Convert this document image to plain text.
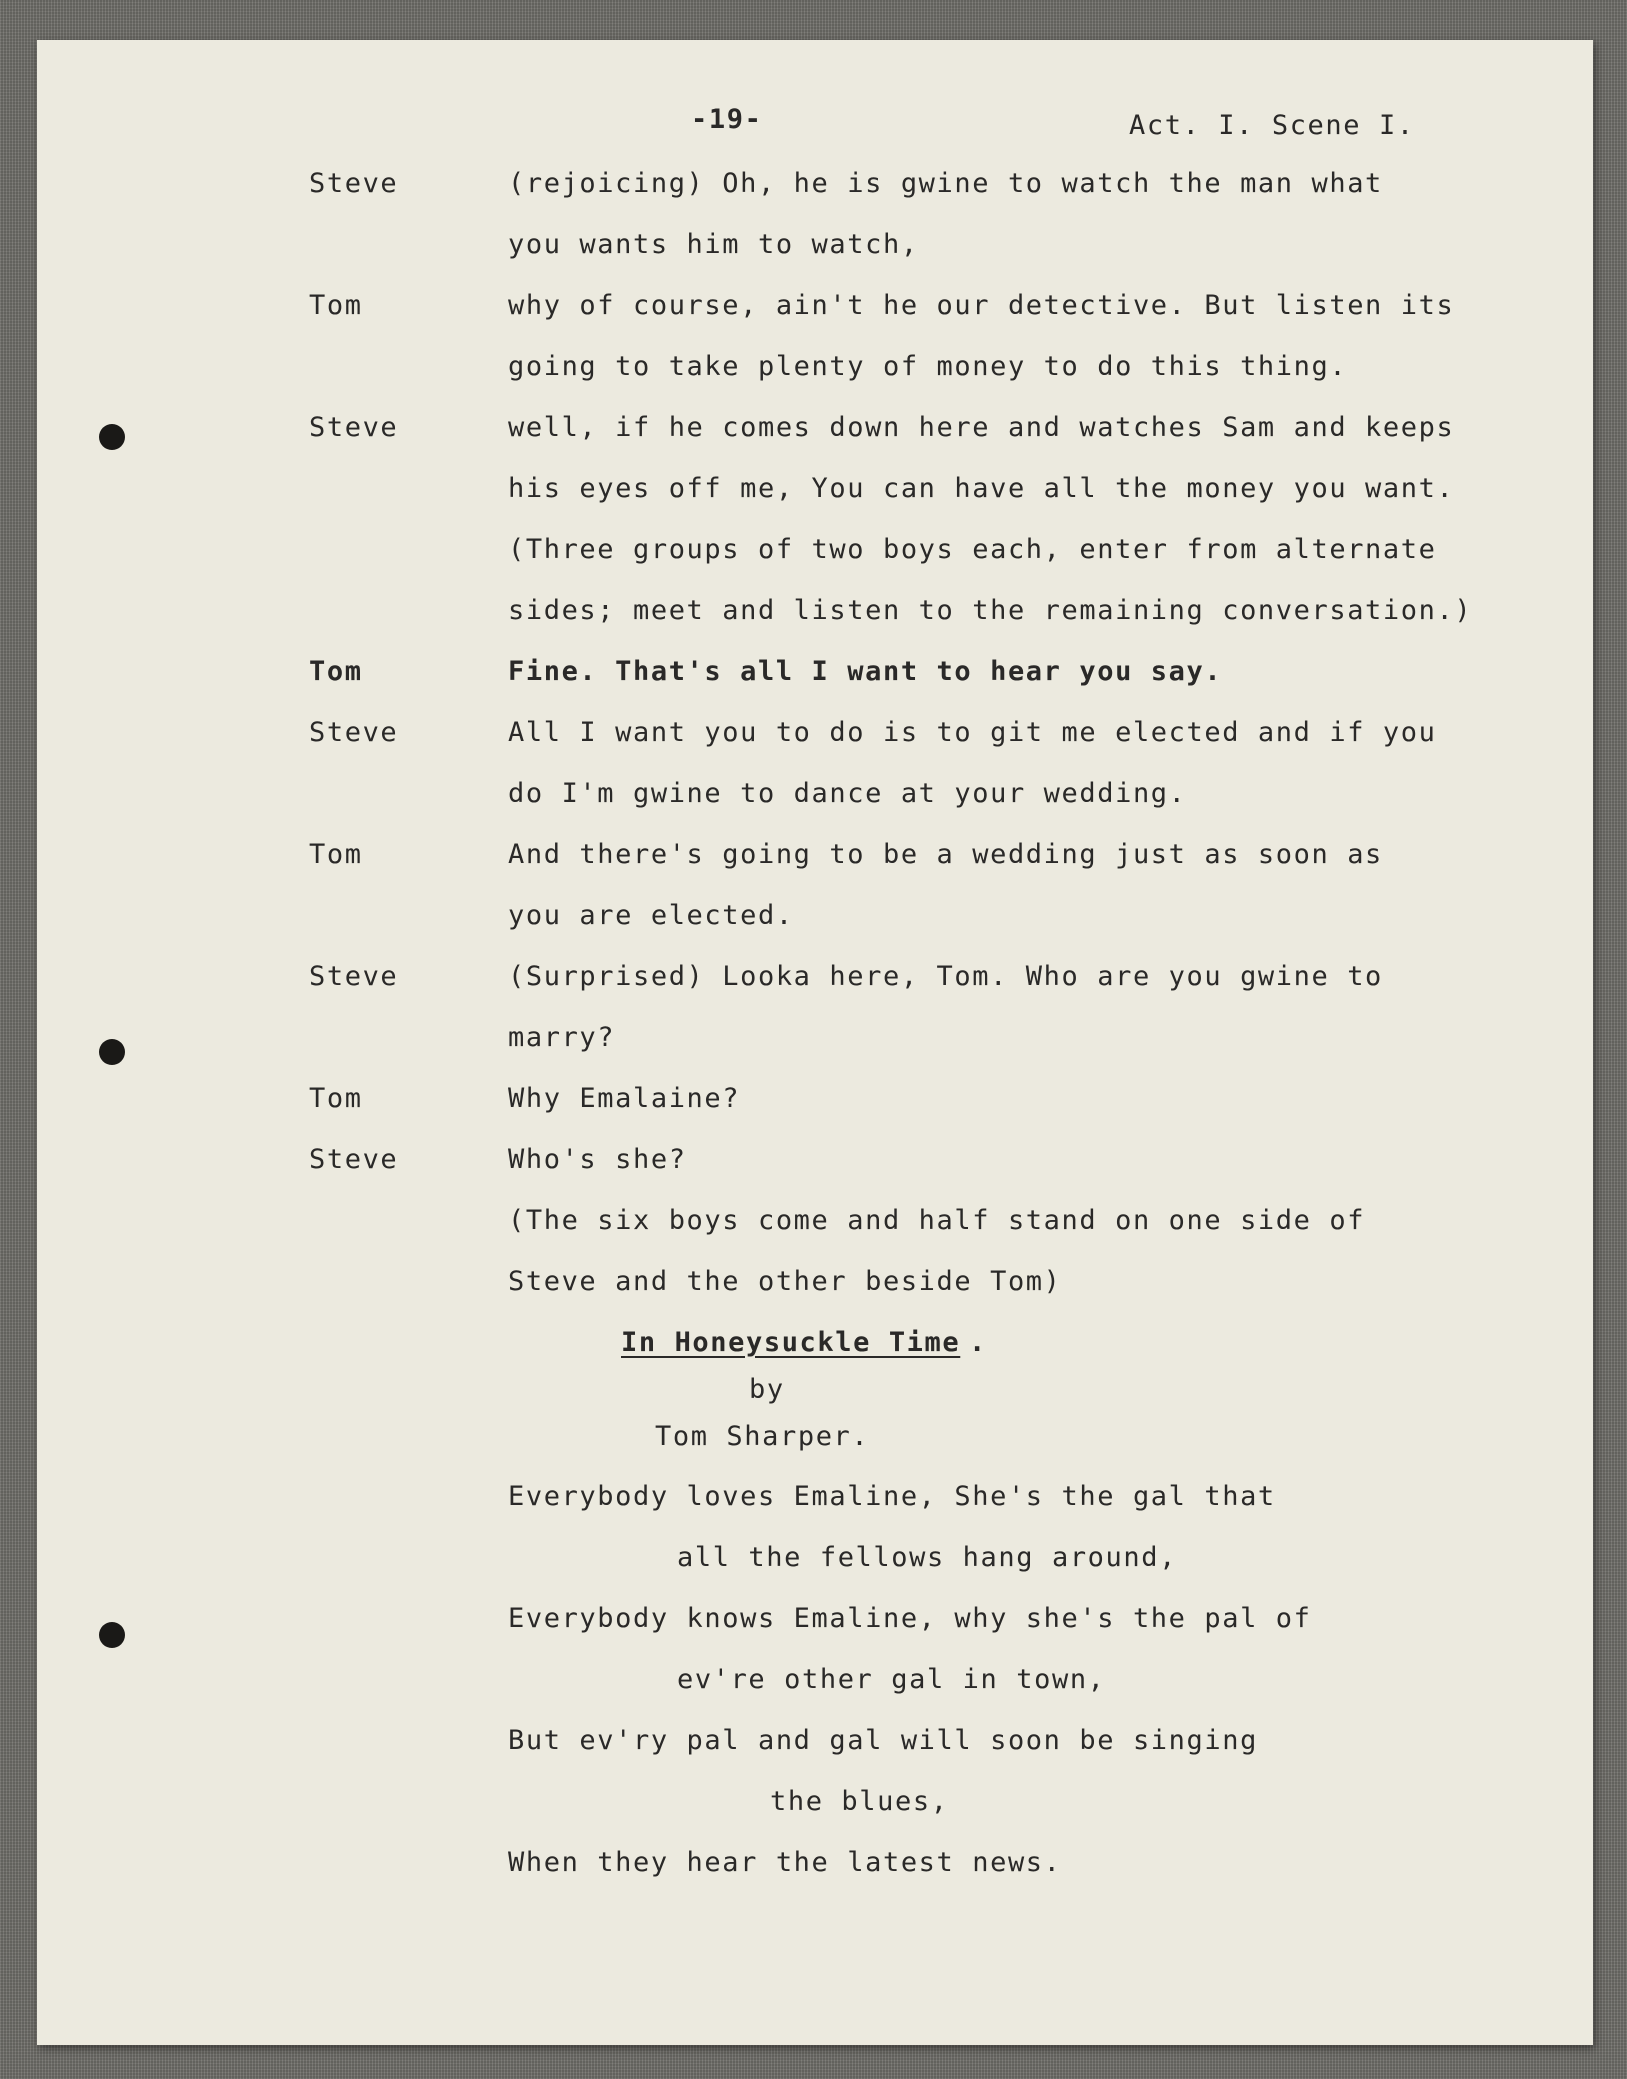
-19-	Act. I. Scene I.
Steve	(rejoicing) Oh, he is gwine to watch the man what
you wants him to watch,
Tom	why of course, ain't he our detective. But listen its
going to take plenty of money to do this thing.
Steve	well, if he comes down here and watches Sam and keeps
his eyes off me, You can have all the money you want.
(Three groups of two boys each, enter from alternate
sides; meet and listen to the remaining conversation.)
Tom	Fine. That's all I want to hear you say.
Steve	All I want you to do is to git me elected and if you
do I'm gwine to dance at your wedding.
Tom	And there's going to be a wedding just as soon as
you are elected.
Steve	(Surprised) Looka here, Tom. Who are you gwine to
marry?
Tom	Why Emalaine?
Steve	Who's she?
(The six boys come and half stand on one side of
Steve and the other beside Tom)
In Honeysuckle Time .
by
Tom Sharper.
Everybody loves Emaline, She's the gal that
all the fellows hang around,
Everybody knows Emaline, why she's the pal of
ev're other gal in town,
But ev'ry pal and gal will soon be singing
the blues,
When they hear the latest news.
